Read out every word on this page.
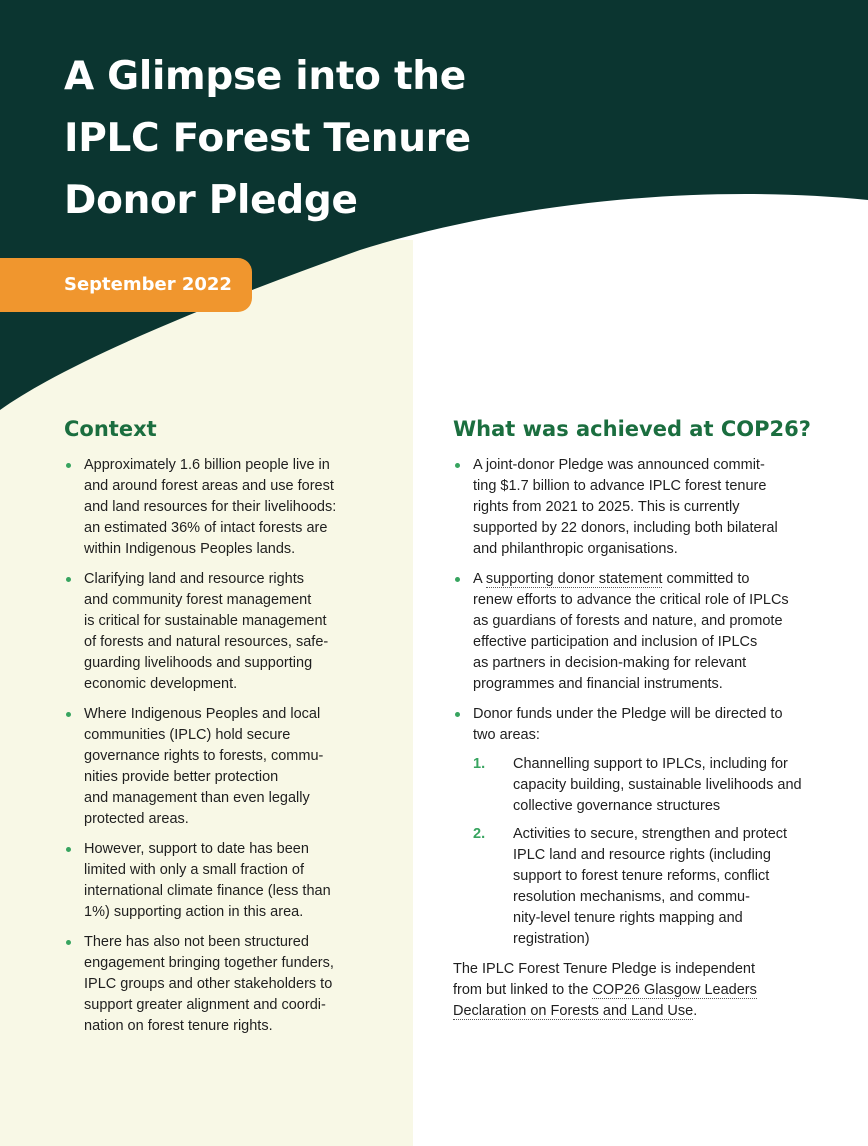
A Glimpse into the
IPLC Forest Tenure
Donor Pledge
September 2022
Context
Approximately 1.6 billion people live in
and around forest areas and use forest
and land resources for their livelihoods:
an estimated 36% of intact forests are
within Indigenous Peoples lands.
Clarifying land and resource rights
and community forest management
is critical for sustainable management
of forests and natural resources, safe-
guarding livelihoods and supporting
economic development.
Where Indigenous Peoples and local
communities (IPLC) hold secure
governance rights to forests, commu-
nities provide better protection
and management than even legally
protected areas.
However, support to date has been
limited with only a small fraction of
international climate finance (less than
1%) supporting action in this area.
There has also not been structured
engagement bringing together funders,
IPLC groups and other stakeholders to
support greater alignment and coordi-
nation on forest tenure rights.
What was achieved at COP26?
A joint-donor Pledge was announced commit-
ting $1.7 billion to advance IPLC forest tenure
rights from 2021 to 2025. This is currently
supported by 22 donors, including both bilateral
and philanthropic organisations.
A supporting donor statement committed to
renew efforts to advance the critical role of IPLCs
as guardians of forests and nature, and promote
effective participation and inclusion of IPLCs
as partners in decision-making for relevant
programmes and financial instruments.
Donor funds under the Pledge will be directed to
two areas:
1. Channelling support to IPLCs, including for
capacity building, sustainable livelihoods and
collective governance structures
2. Activities to secure, strengthen and protect
IPLC land and resource rights (including
support to forest tenure reforms, conflict
resolution mechanisms, and commu-
nity-level tenure rights mapping and
registration)
The IPLC Forest Tenure Pledge is independent
from but linked to the COP26 Glasgow Leaders
Declaration on Forests and Land Use.
